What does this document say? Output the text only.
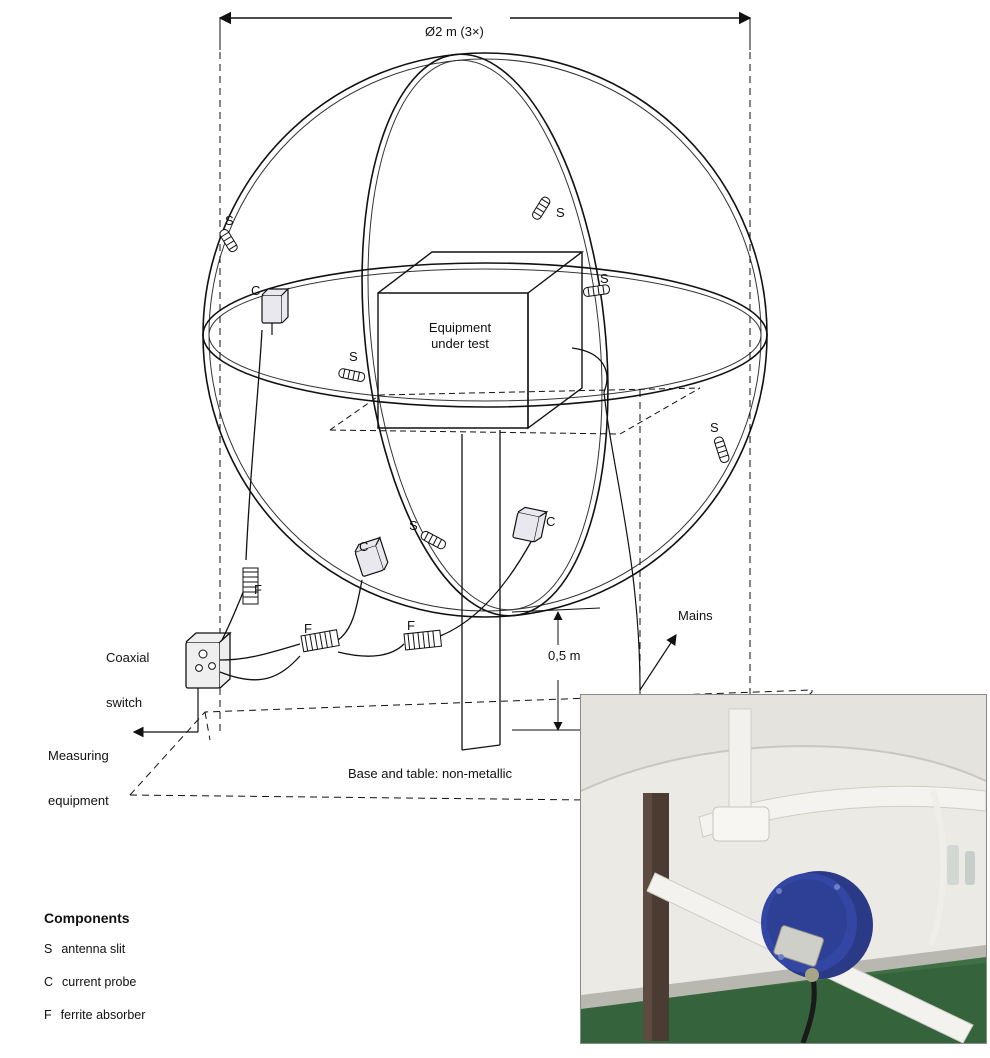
Equipment
under test
Ø2 m (3×)
0,5 m
Mains

Coaxial

switch

Measuring

equipment

Base and table: non-metallic
S
S
S
S
S
S
C
C
C
F
F	F
Components
S antenna slit
C current probe
F ferrite absorber
